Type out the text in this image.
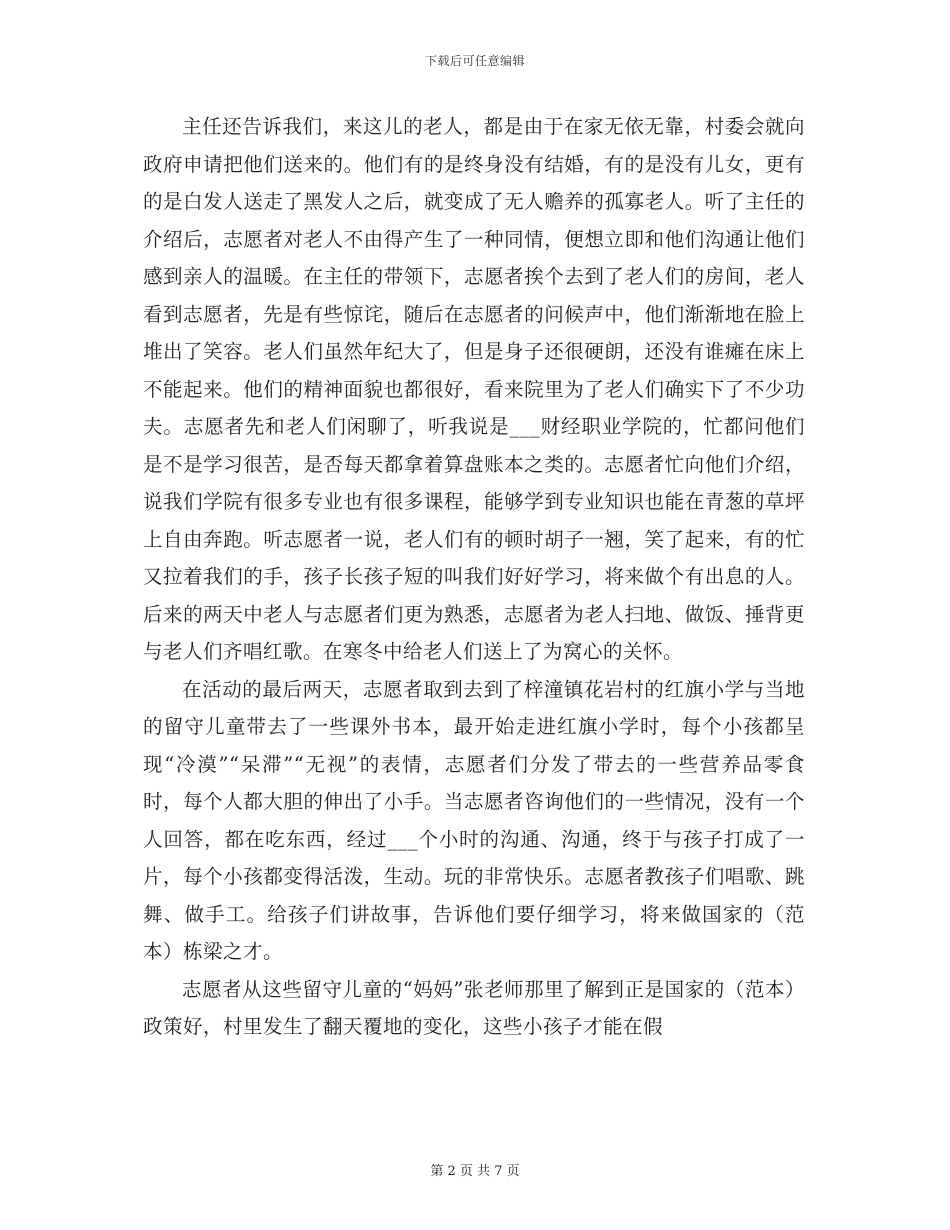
下载后可任意编辑

主任还告诉我们，来这儿的老人，都是由于在家无依无靠，村委会就向政府申请把他们送来的。他们有的是终身没有结婚，有的是没有儿女，更有的是白发人送走了黑发人之后，就变成了无人赡养的孤寡老人。听了主任的介绍后，志愿者对老人不由得产生了一种同情，便想立即和他们沟通让他们感到亲人的温暖。在主任的带领下，志愿者挨个去到了老人们的房间，老人看到志愿者，先是有些惊诧，随后在志愿者的问候声中，他们渐渐地在脸上堆出了笑容。老人们虽然年纪大了，但是身子还很硬朗，还没有谁瘫在床上不能起来。他们的精神面貌也都很好，看来院里为了老人们确实下了不少功夫。志愿者先和老人们闲聊了，听我说是___财经职业学院的，忙都问他们是不是学习很苦，是否每天都拿着算盘账本之类的。志愿者忙向他们介绍，说我们学院有很多专业也有很多课程，能够学到专业知识也能在青葱的草坪上自由奔跑。听志愿者一说，老人们有的顿时胡子一翘，笑了起来，有的忙又拉着我们的手，孩子长孩子短的叫我们好好学习，将来做个有出息的人。后来的两天中老人与志愿者们更为熟悉，志愿者为老人扫地、做饭、捶背更与老人们齐唱红歌。在寒冬中给老人们送上了为窝心的关怀。

在活动的最后两天，志愿者取到去到了梓潼镇花岩村的红旗小学与当地的留守儿童带去了一些课外书本，最开始走进红旗小学时，每个小孩都呈现“冷漠”“呆滞”“无视”的表情，志愿者们分发了带去的一些营养品零食时，每个人都大胆的伸出了小手。当志愿者咨询他们的一些情况，没有一个人回答，都在吃东西，经过___个小时的沟通、沟通，终于与孩子打成了一片，每个小孩都变得活泼，生动。玩的非常快乐。志愿者教孩子们唱歌、跳舞、做手工。给孩子们讲故事，告诉他们要仔细学习，将来做国家的（范本）栋梁之才。

志愿者从这些留守儿童的“妈妈”张老师那里了解到正是国家的（范本）政策好，村里发生了翻天覆地的变化，这些小孩子才能在假

第 2 页 共 7 页
